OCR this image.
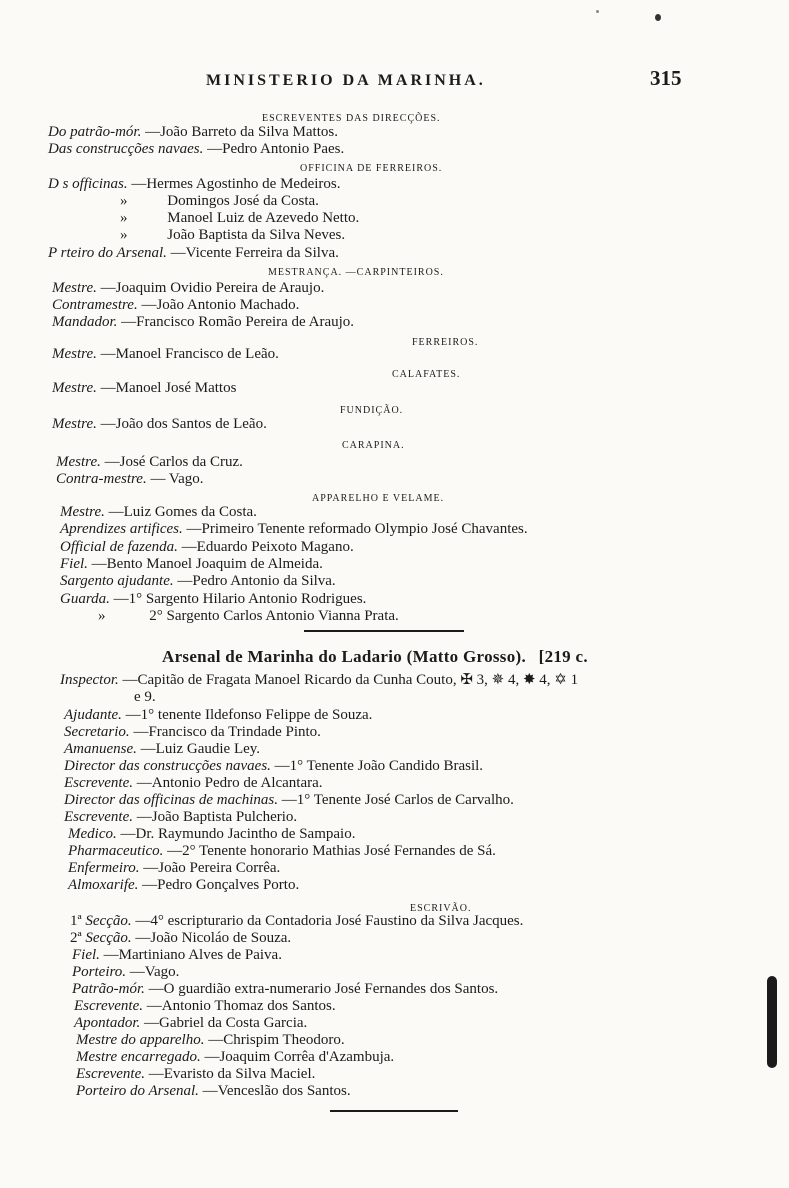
MINISTERIO DA MARINHA.	315
ESCREVENTES DAS DIRECÇÕES.
Do patrão-mór. —João Barreto da Silva Mattos.
Das construcções navaes. —Pedro Antonio Paes.
OFFICINA DE FERREIROS.
D s officinas. —Hermes Agostinho de Medeiros.
»	Domingos José da Costa.
»	Manoel Luiz de Azevedo Netto.
»	João Baptista da Silva Neves.
P rteiro do Arsenal. —Vicente Ferreira da Silva.
MESTRANÇA. —CARPINTEIROS.
Mestre. —Joaquim Ovidio Pereira de Araujo.
Contramestre. —João Antonio Machado.
Mandador. —Francisco Romão Pereira de Araujo.
FERREIROS.
Mestre. —Manoel Francisco de Leão.
CALAFATES.
Mestre. —Manoel José Mattos
FUNDIÇÃO.
Mestre. —João dos Santos de Leão.
CARAPINA.
Mestre. —José Carlos da Cruz.
Contra-mestre. — Vago.
APPARELHO E VELAME.
Mestre. —Luiz Gomes da Costa.
Aprendizes artifices. —Primeiro Tenente reformado Olympio José Chavantes.
Official de fazenda. —Eduardo Peixoto Magano.
Fiel. —Bento Manoel Joaquim de Almeida.
Sargento ajudante. —Pedro Antonio da Silva.
Guarda. —1° Sargento Hilario Antonio Rodrigues.
»	2° Sargento Carlos Antonio Vianna Prata.
Arsenal de Marinha do Ladario (Matto Grosso). [219 c.
Inspector. —Capitão de Fragata Manoel Ricardo da Cunha Couto, ✠ 3, ✵ 4, ✸ 4, ✡ 1
e 9.
Ajudante. —1° tenente Ildefonso Felippe de Souza.
Secretario. —Francisco da Trindade Pinto.
Amanuense. —Luiz Gaudie Ley.
Director das construcções navaes. —1° Tenente João Candido Brasil.
Escrevente. —Antonio Pedro de Alcantara.
Director das officinas de machinas. —1° Tenente José Carlos de Carvalho.
Escrevente. —João Baptista Pulcherio.
Medico. —Dr. Raymundo Jacintho de Sampaio.
Pharmaceutico. —2° Tenente honorario Mathias José Fernandes de Sá.
Enfermeiro. —João Pereira Corrêa.
Almoxarife. —Pedro Gonçalves Porto.
ESCRIVÃO.
1ª Secção. —4° escripturario da Contadoria José Faustino da Silva Jacques.
2ª Secção. —João Nicoláo de Souza.
Fiel. —Martiniano Alves de Paiva.
Porteiro. —Vago.
Patrão-mór. —O guardião extra-numerario José Fernandes dos Santos.
Escrevente. —Antonio Thomaz dos Santos.
Apontador. —Gabriel da Costa Garcia.
Mestre do apparelho. —Chrispim Theodoro.
Mestre encarregado. —Joaquim Corrêa d'Azambuja.
Escrevente. —Evaristo da Silva Maciel.
Porteiro do Arsenal. —Venceslão dos Santos.
